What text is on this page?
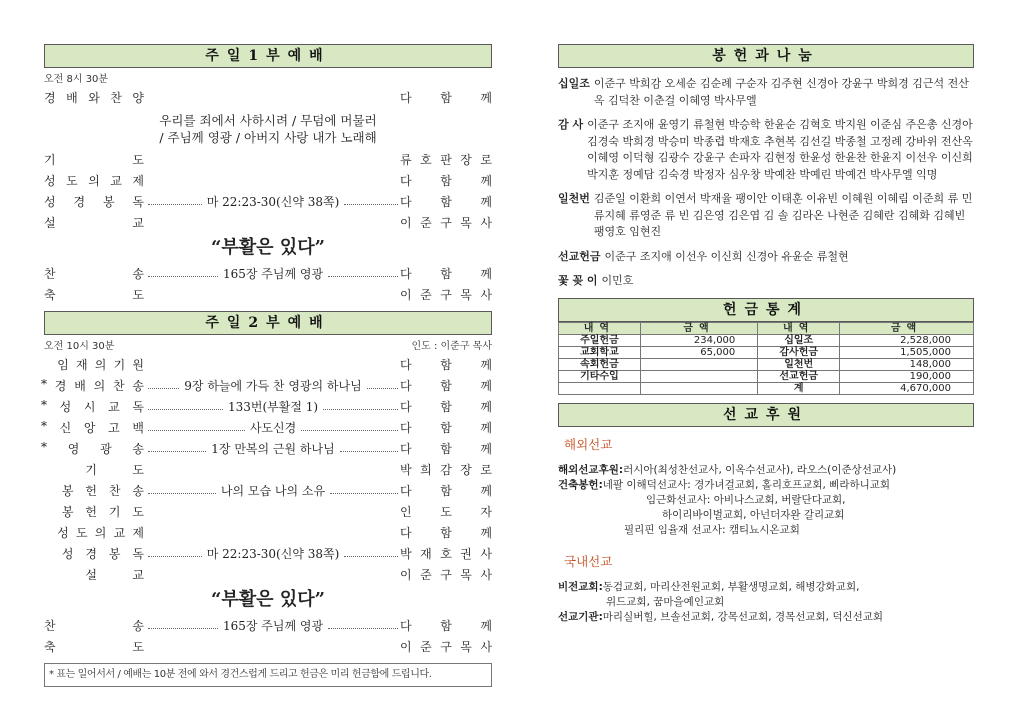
주일1부예배
오전 8시 30분
경 배 와 찬 양	다 함 께
우리를 죄에서 사하시려 / 무덤에 머물러
/ 주님께 영광 / 아버지 사랑 내가 노래해
기	도	류 호 판 장 로
성 도 의 교 제	다 함 께
성 경 봉 독	마 22:23-30(신약 38쪽)	다 함 께
설	교	이 준 구 목 사
“부활은 있다”
찬	송	165장 주님께 영광	다 함 께
축	도	이 준 구 목 사
주일2부예배
오전 10시 30분	인도 : 이준구 목사
임 재 의 기 원	다 함 께
* 경 배 의 찬 송	9장 하늘에 가득 찬 영광의 하나님	다 함 께
* 성 시 교 독	133번(부활절 1)	다 함 께
* 신 앙 고 백	사도신경	다 함 께
* 영 광 송	1장 만복의 근원 하나님	다 함 께
기	도	박 희 감 장 로
봉 헌 찬 송	나의 모습 나의 소유	다 함 께
봉 헌 기 도	인 도 자
성 도 의 교 제	다 함 께
성 경 봉 독	마 22:23-30(신약 38쪽)	박 재 호 권 사
설	교	이 준 구 목 사
“부활은 있다”
찬	송	165장 주님께 영광	다 함 께
축	도	이 준 구 목 사
* 표는 일어서서 / 예배는 10분 전에 와서 경건스럽게 드리고 헌금은 미리 헌금함에 드립니다.
봉헌과나눔
십일조 이준구 박희감 오세순 김순례 구순자 김주현 신경아 강윤구 박희경 김근석 전산옥 김덕찬 이춘걸 이혜영 박사무엘
감 사 이준구 조지애 윤영기 류철현 박승학 한윤순 김혁호 박지원 이준심 주은총 신경아 김경숙 박희경 박승미 박종렵 박재호 추현복 김선길 박종철 고정례 강바위 전산옥 이혜영 이덕형 김광수 강윤구 손파자 김현정 한윤성 한윤찬 한윤지 이선우 이신희 박지훈 정예담 김숙경 박정자 심우창 박예찬 박예린 박예건 박사무엘 익명
일천번 김준일 이환희 이연서 박재율 팽이안 이태훈 이유빈 이혜원 이혜림 이준희 류 민 류지혜 류영준 류 빈 김은영 김은엽 김 솔 김라온 나현준 김혜란 김혜화 김혜빈 팽영호 임현진
선교헌금 이준구 조지애 이선우 이신희 신경아 유윤순 류철현
꽃 꽂 이 이민호
헌금통계
내역	금액	내역	금액
주일헌금	234,000	십일조	2,528,000
교회학교	65,000	감사헌금	1,505,000
속회헌금		일천번	148,000
기타수입		선교헌금	190,000
		계	4,670,000
선교후원
해외선교
해외선교후원: 러시아(최성찬선교사, 이옥수선교사), 라오스(이준상선교사)
건축봉헌: 네팔 이해덕선교사: 경가녀걸교회, 홀리호프교회, 삐라하니교회
임근화선교사: 아비나스교회, 버랄단다교회,
하이리바이벌교회, 아넌더자완 갈리교회
필리핀 임율재 선교사: 캠티뇨시온교회
국내선교
비전교회: 동검교회, 마리산전원교회, 부활생명교회, 해병강화교회,
위드교회, 꿈마을예인교회
선교기관: 마리실버힐, 브솔선교회, 강목선교회, 경목선교회, 덕신선교회
